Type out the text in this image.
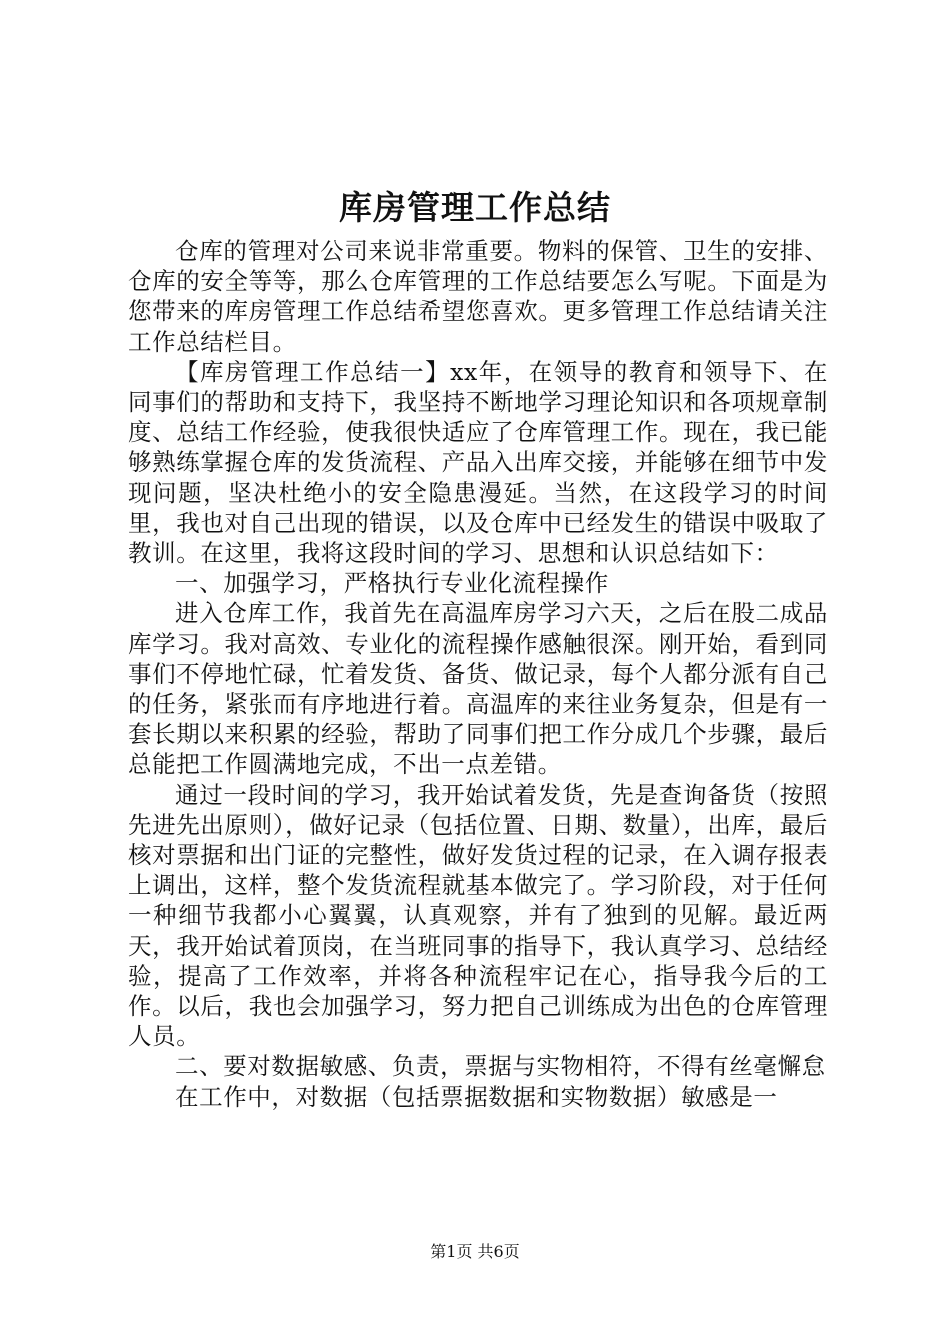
库房管理工作总结

仓库的管理对公司来说非常重要。物料的保管、卫生的安排、仓库的安全等等，那么仓库管理的工作总结要怎么写呢。下面是为您带来的库房管理工作总结希望您喜欢。更多管理工作总结请关注工作总结栏目。

【库房管理工作总结一】xx年，在领导的教育和领导下、在同事们的帮助和支持下，我坚持不断地学习理论知识和各项规章制度、总结工作经验，使我很快适应了仓库管理工作。现在，我已能够熟练掌握仓库的发货流程、产品入出库交接，并能够在细节中发现问题，坚决杜绝小的安全隐患漫延。当然，在这段学习的时间里，我也对自己出现的错误，以及仓库中已经发生的错误中吸取了教训。在这里，我将这段时间的学习、思想和认识总结如下：

一、加强学习，严格执行专业化流程操作

进入仓库工作，我首先在高温库房学习六天，之后在股二成品库学习。我对高效、专业化的流程操作感触很深。刚开始，看到同事们不停地忙碌，忙着发货、备货、做记录，每个人都分派有自己的任务，紧张而有序地进行着。高温库的来往业务复杂，但是有一套长期以来积累的经验，帮助了同事们把工作分成几个步骤，最后总能把工作圆满地完成，不出一点差错。

通过一段时间的学习，我开始试着发货，先是查询备货（按照先进先出原则），做好记录（包括位置、日期、数量），出库，最后核对票据和出门证的完整性，做好发货过程的记录，在入调存报表上调出，这样，整个发货流程就基本做完了。学习阶段，对于任何一种细节我都小心翼翼，认真观察，并有了独到的见解。最近两天，我开始试着顶岗，在当班同事的指导下，我认真学习、总结经验，提高了工作效率，并将各种流程牢记在心，指导我今后的工作。以后，我也会加强学习，努力把自己训练成为出色的仓库管理人员。

二、要对数据敏感、负责，票据与实物相符，不得有丝毫懈怠

在工作中，对数据（包括票据数据和实物数据）敏感是一

第1页 共6页
